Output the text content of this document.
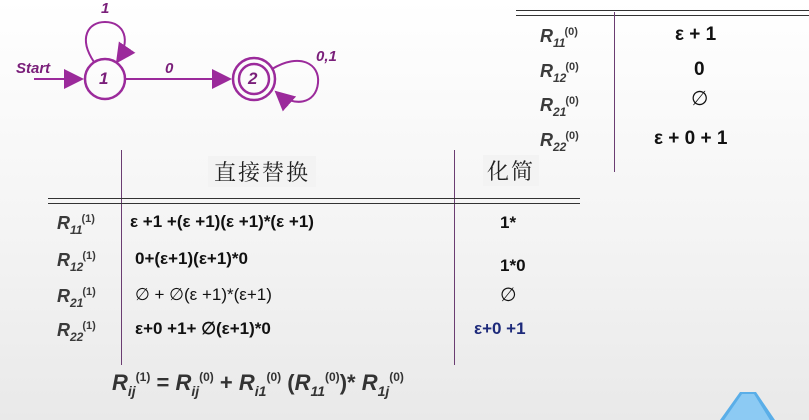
Start
1	2
1
0
0,1
$R_{11}^{(0)}$	ε + 1
$R_{12}^{(0)}$	0
$R_{21}^{(0)}$	∅
$R_{22}^{(0)}$	ε + 0 + 1
直接替换	化简
$R_{11}^{(1)}$ ε +1 +(ε +1)(ε +1)*(ε +1)	1*
$R_{12}^{(1)}$ 0+(ε+1)(ε+1)*0	1*0
$R_{21}^{(1)}$ ∅ + ∅(ε +1)*(ε+1)	∅
$R_{22}^{(1)}$ ε+0 +1+ ∅(ε+1)*0	ε+0 +1
$R_{ij}^{(1)} = R_{ij}^{(0)} + R_{i1}^{(0)}$ $(R_{11}^{(0)})*$ $R_{1j}^{(0)}$
